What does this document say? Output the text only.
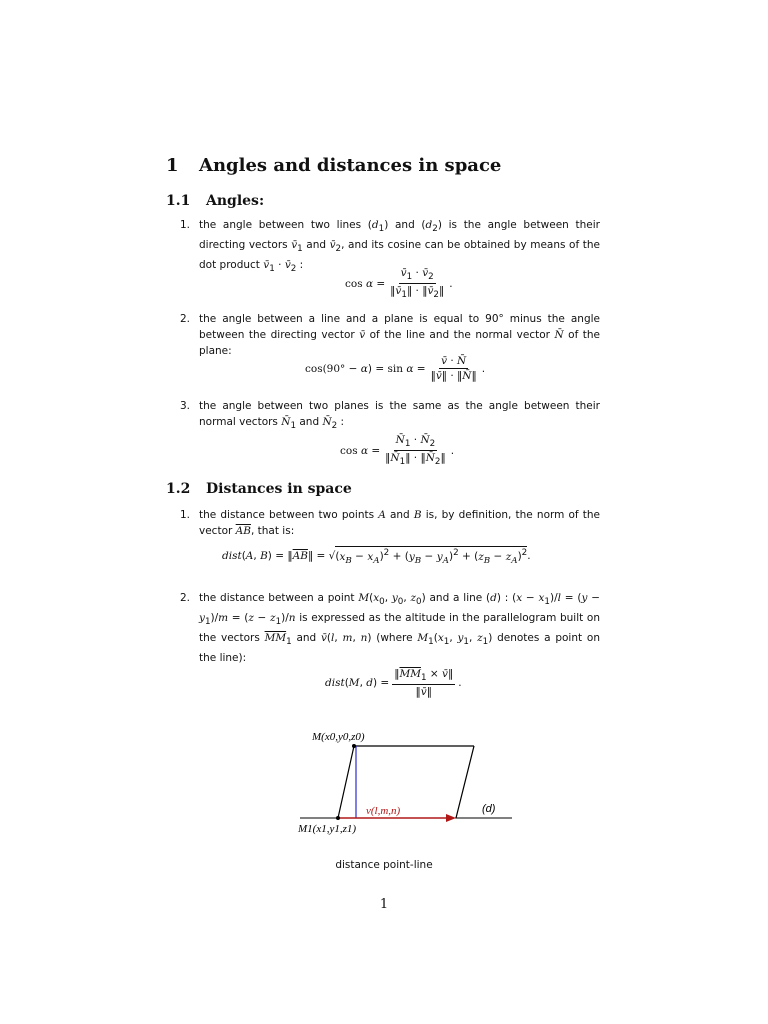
1 Angles and distances in space
1.1 Angles:
1. the angle between two lines $(d_1)$ and $(d_2)$ is the angle between their directing vectors $v̄_1$ and $v̄_2$, and its cosine can be obtained by means of the dot product $v̄_1$ · $v̄_2$ :
cos
$\alpha = \frac{v̄_1 \cdot v̄_2}{‖v̄_1‖ \cdot ‖v̄_2‖}$ .
2. the angle between a line and a plane is equal to 90° minus the angle between the directing vector v̄ of the line and the normal vector N̄ of the plane:
cos(90° − α ) = sin
$\alpha = \frac{v̄ \cdot N̄}{‖v̄‖ \cdot ‖N̄‖}$ .
3. the angle between two planes is the same as the angle between their normal vectors $N̄_1$ and $N̄_2$ :
cos
$\alpha = \frac{N̄_1 \cdot N̄_2}{‖N̄_1‖ \cdot ‖N̄_2‖}$ .
1.2 Distances in space
1. the distance between two points A and B is, by definition, the norm of the vector $\overline{AB}$, that is:
dist ( A , B ) = ‖ $\overline{AB}$ ‖ = √ $(x_B - x_A)^2 + (y_B - y_A)^2 + (z_B - z_A)^2$ .
2. the distance between a point $M(x_0$, $y_0$, $z_0$) and a line (d) : $(x - x_1)/l = (y - y_1)/m = (z - z_1)/n$ is expressed as the altitude in the parallelogram built on the vectors $\overline{MM}_1$ and v̄(l, m, n) (where $M_1(x_1$, $y_1$, $z_1$) denotes a point on the line):
dist ( M , d ) = $\frac{‖\overline{MM}_1 \times v̄‖}{‖v̄‖}$ .
M(x0,y0,z0)
M1(x1,y1,z1)
v(l,m,n)	(d)
distance point-line
1
